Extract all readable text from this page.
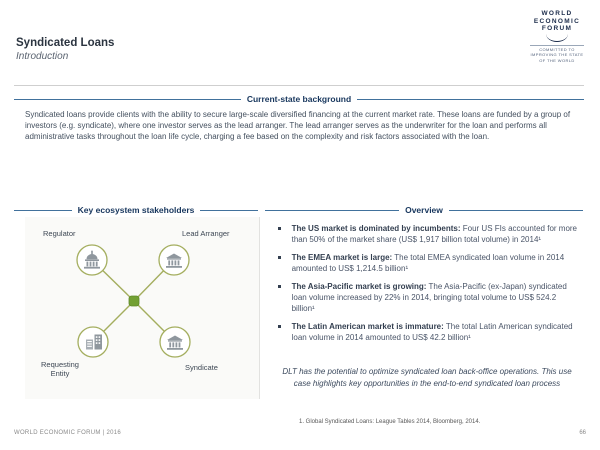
Syndicated Loans
Introduction
WORLD
ECONOMIC
FORUM
COMMITTED TO
IMPROVING THE STATE
OF THE WORLD
Current-state background
Syndicated loans provide clients with the ability to secure large-scale diversified financing at the current market rate. These loans are funded by a group of investors (e.g. syndicate), where one investor serves as the lead arranger. The lead arranger serves as the underwriter for the loan and performs all administrative tasks throughout the loan life cycle, charging a fee based on the complexity and risk factors associated with the loan.
Key ecosystem stakeholders
Regulator	Lead Arranger
Requesting Entity
Syndicate
Overview
The US market is dominated by incumbents: Four US FIs accounted for more than 50% of the market share (US$ 1,917 billion total volume) in 2014¹
The EMEA market is large: The total EMEA syndicated loan volume in 2014 amounted to US$ 1,214.5 billion¹
The Asia-Pacific market is growing: The Asia-Pacific (ex-Japan) syndicated loan volume increased by 22% in 2014, bringing total volume to US$ 524.2 billion¹
The Latin American market is immature: The total Latin American syndicated loan volume in 2014 amounted to US$ 42.2 billion¹
DLT has the potential to optimize syndicated loan back-office operations. This use case highlights key opportunities in the end-to-end syndicated loan process
1. Global Syndicated Loans: League Tables 2014, Bloomberg, 2014.
WORLD ECONOMIC FORUM | 2016	66
